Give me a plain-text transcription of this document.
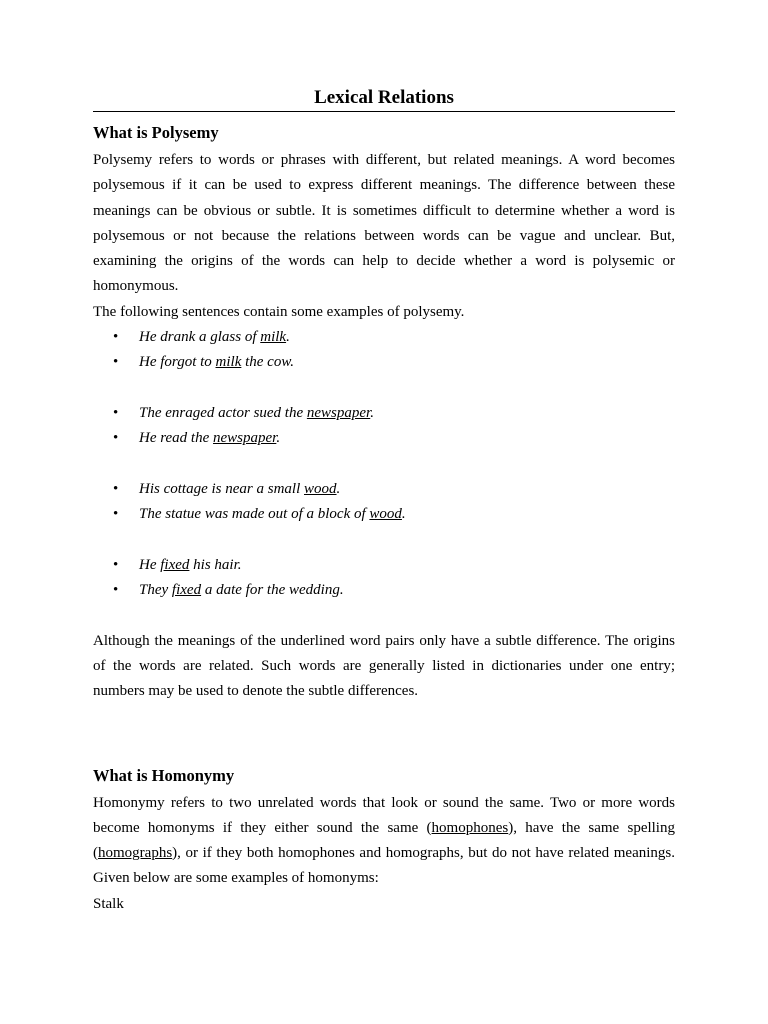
Lexical Relations
What is Polysemy

Polysemy refers to words or phrases with different, but related meanings. A word becomes polysemous if it can be used to express different meanings. The difference between these meanings can be obvious or subtle. It is sometimes difficult to determine whether a word is polysemous or not because the relations between words can be vague and unclear. But, examining the origins of the words can help to decide whether a word is polysemic or homonymous.

The following sentences contain some examples of polysemy.

• He drank a glass of milk.
• He forgot to milk the cow.
• The enraged actor sued the newspaper.
• He read the newspaper.
• His cottage is near a small wood.
• The statue was made out of a block of wood.
• He fixed his hair.
• They fixed a date for the wedding.

Although the meanings of the underlined word pairs only have a subtle difference. The origins of the words are related. Such words are generally listed in dictionaries under one entry; numbers may be used to denote the subtle differences.

What is Homonymy

Homonymy refers to two unrelated words that look or sound the same. Two or more words become homonyms if they either sound the same (homophones), have the same spelling (homographs), or if they both homophones and homographs, but do not have related meanings. Given below are some examples of homonyms:

Stalk
